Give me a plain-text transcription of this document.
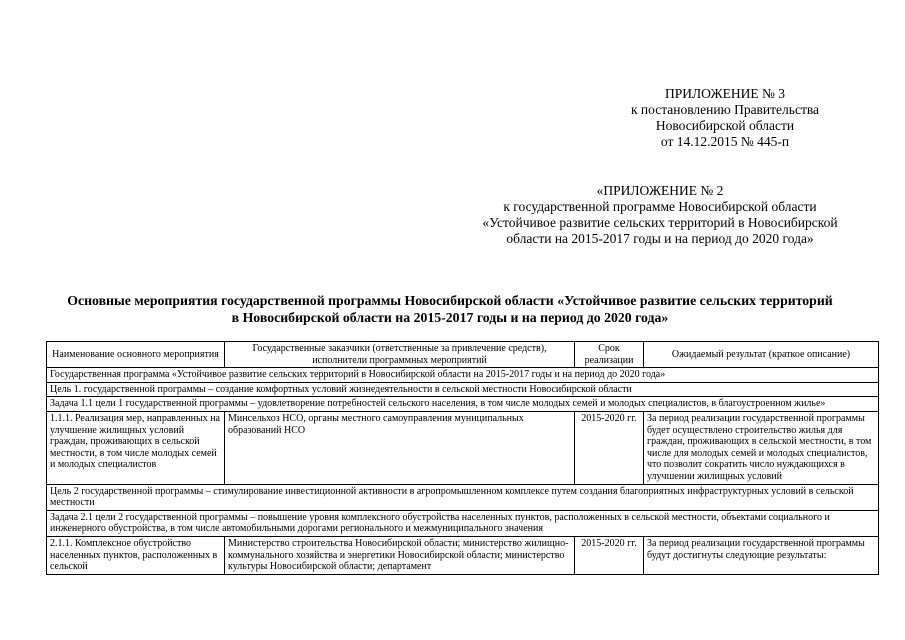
ПРИЛОЖЕНИЕ № 3
к постановлению Правительства
Новосибирской области
от 14.12.2015 № 445-п
«ПРИЛОЖЕНИЕ № 2
к государственной программе Новосибирской области
«Устойчивое развитие сельских территорий в Новосибирской
области на 2015-2017 годы и на период до 2020 года»
Основные мероприятия государственной программы Новосибирской области «Устойчивое развитие сельских территорий
в Новосибирской области на 2015-2017 годы и на период до 2020 года»
Наименование основного мероприятия	Государственные заказчики (ответственные за привлечение средств), исполнители программных мероприятий	Срок реализации	Ожидаемый результат (краткое описание)
Государственная программа «Устойчивое развитие сельских территорий в Новосибирской области на 2015-2017 годы и на период до 2020 года»			
Цель 1. государственной программы – создание комфортных условий жизнедеятельности в сельской местности Новосибирской области			
Задача 1.1 цели 1 государственной программы – удовлетворение потребностей сельского населения, в том числе молодых семей и молодых специалистов, в благоустроенном жилье»			
1.1.1. Реализация мер, направленных на улучшение жилищных условий граждан, проживающих в сельской местности, в том числе молодых семей и молодых специалистов	Минсельхоз НСО, органы местного самоуправления муниципальных образований НСО	2015-2020 гг.	За период реализации государственной программы будет осуществлено строительство жилья для граждан, проживающих в сельской местности, в том числе для молодых семей и молодых специалистов, что позволит сократить число нуждающихся в улучшении жилищных условий
Цель 2 государственной программы – стимулирование инвестиционной активности в агропромышленном комплексе путем создания благоприятных инфраструктурных условий в сельской местности			
Задача 2.1 цели 2 государственной программы – повышение уровня комплексного обустройства населенных пунктов, расположенных в сельской местности, объектами социального и инженерного обустройства, в том числе автомобильными дорогами регионального и межмуниципального значения			
2.1.1. Комплексное обустройство населенных пунктов, расположенных в сельской	Министерство строительства Новосибирской области; министерство жилищно-коммунального хозяйства и энергетики Новосибирской области; министерство культуры Новосибирской области; департамент	2015-2020 гг.	За период реализации государственной программы будут достигнуты следующие результаты:
